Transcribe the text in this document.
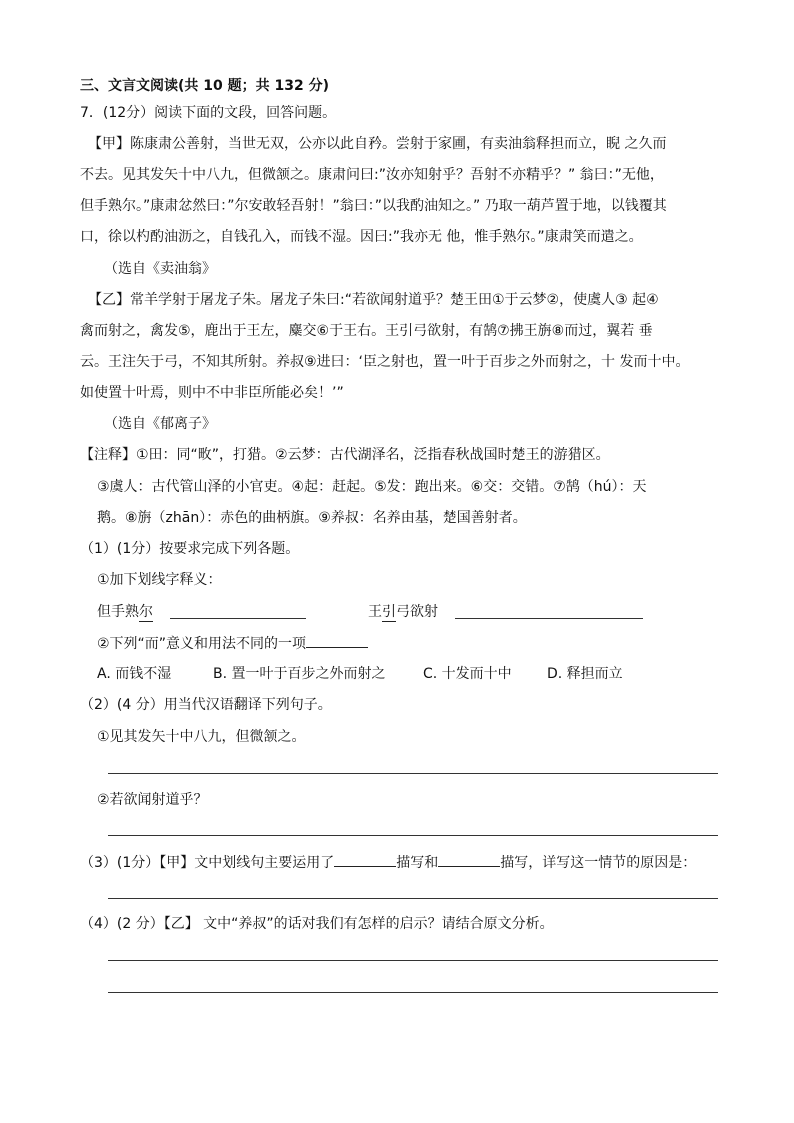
三、文言文阅读(共 10 题；共 132 分)
7．(12分）阅读下面的文段，回答问题。
【甲】陈康肃公善射，当世无双，公亦以此自矜。尝射于家圃，有卖油翁释担而立，睨 之久而
不去。见其发矢十中八九，但微颔之。康肃问曰:”汝亦知射乎？吾射不亦精乎？” 翁曰：”无他，
但手熟尔。”康肃忿然曰：”尔安敢轻吾射！”翁曰：”以我酌油知之。” 乃取一葫芦置于地，以钱覆其
口，徐以杓酌油沥之，自钱孔入，而钱不湿。因曰:”我亦无 他，惟手熟尔。”康肃笑而遣之。
（选自《卖油翁》
【乙】常羊学射于屠龙子朱。屠龙子朱曰:“若欲闻射道乎？楚王田①于云梦②，使虞人③ 起④
禽而射之，禽发⑤，鹿出于王左，麋交⑥于王右。王引弓欲射，有鹄⑦拂王旃⑧而过，翼若 垂
云。王注矢于弓，不知其所射。养叔⑨进曰：‘臣之射也，置一叶于百步之外而射之，十 发而十中。
如使置十叶焉，则中不中非臣所能必矣！’”
（选自《郁离子》
【注释】①田：同“畋”，打猎。②云梦：古代湖泽名，泛指春秋战国时楚王的游猎区。
③虞人：古代管山泽的小官吏。④起：赶起。⑤发：跑出来。⑥交：交错。⑦鹄（hú）：天
鹅。⑧旃（zhān）：赤色的曲柄旗。⑨养叔：名养由基，楚国善射者。
（1）(1分）按要求完成下列各题。
①加下划线字释义：
但手熟尔	王引弓欲射
②下列“而”意义和用法不同的一项
A. 而钱不湿	B. 置一叶于百步之外而射之	C. 十发而十中	D. 释担而立
（2）(4 分）用当代汉语翻译下列句子。
①见其发矢十中八九，但微颔之。
②若欲闻射道乎？
（3）(1分）【甲】文中划线句主要运用了	描写和	描写，详写这一情节的原因是：
（4）(2 分）【乙】 文中“养叔”的话对我们有怎样的启示？请结合原文分析。
